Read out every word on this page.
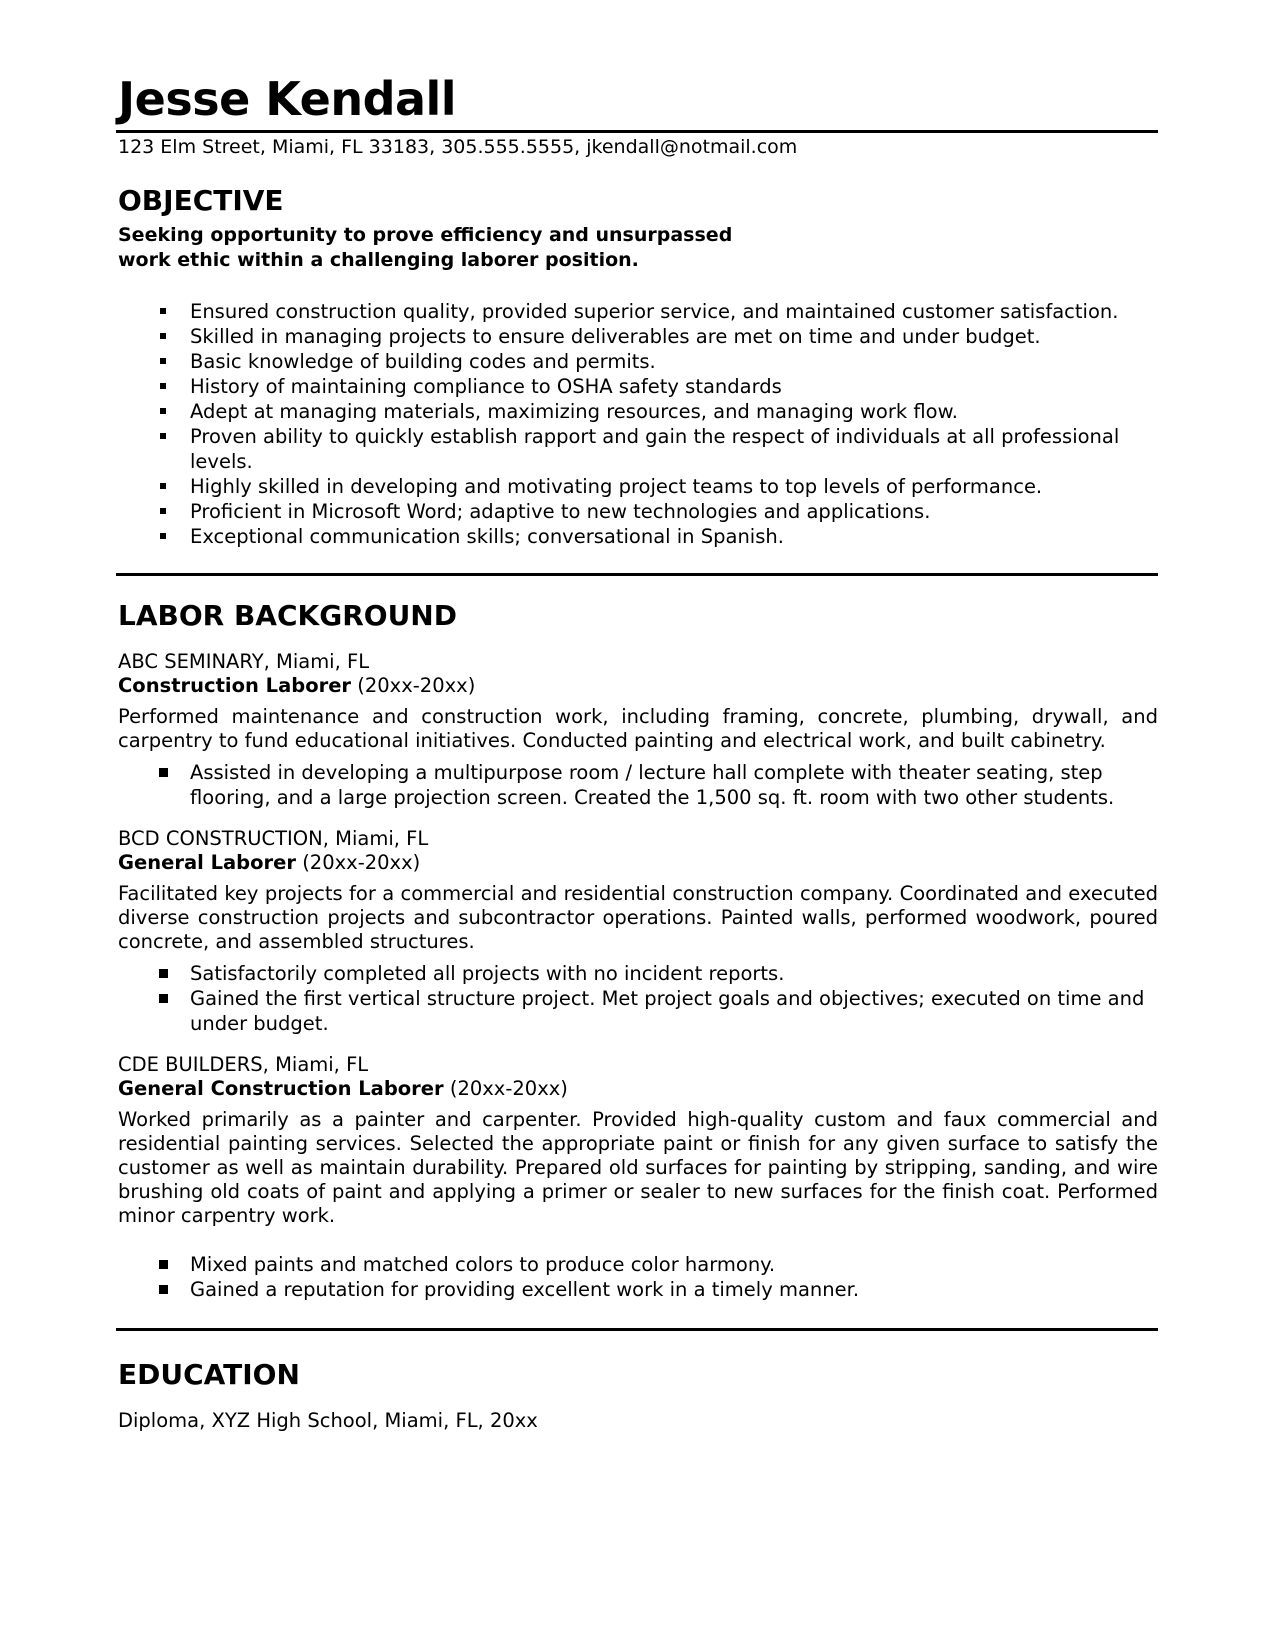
Jesse Kendall

123 Elm Street, Miami, FL 33183, 305.555.5555, jkendall@notmail.com

OBJECTIVE

Seeking opportunity to prove efficiency and unsurpassed
work ethic within a challenging laborer position.

Ensured construction quality, provided superior service, and maintained customer satisfaction.
Skilled in managing projects to ensure deliverables are met on time and under budget.
Basic knowledge of building codes and permits.
History of maintaining compliance to OSHA safety standards
Adept at managing materials, maximizing resources, and managing work flow.
Proven ability to quickly establish rapport and gain the respect of individuals at all professional levels.
Highly skilled in developing and motivating project teams to top levels of performance.
Proficient in Microsoft Word; adaptive to new technologies and applications.
Exceptional communication skills; conversational in Spanish.
LABOR BACKGROUND

ABC SEMINARY, Miami, FL

Construction Laborer (20xx-20xx)

Performed maintenance and construction work, including framing, concrete, plumbing, drywall, and carpentry to fund educational initiatives. Conducted painting and electrical work, and built cabinetry.

Assisted in developing a multipurpose room / lecture hall complete with theater seating, step flooring, and a large projection screen. Created the 1,500 sq. ft. room with two other students.

BCD CONSTRUCTION, Miami, FL

General Laborer (20xx-20xx)

Facilitated key projects for a commercial and residential construction company. Coordinated and executed diverse construction projects and subcontractor operations. Painted walls, performed woodwork, poured concrete, and assembled structures.

Satisfactorily completed all projects with no incident reports.
Gained the first vertical structure project. Met project goals and objectives; executed on time and under budget.

CDE BUILDERS, Miami, FL

General Construction Laborer (20xx-20xx)

Worked primarily as a painter and carpenter. Provided high-quality custom and faux commercial and residential painting services. Selected the appropriate paint or finish for any given surface to satisfy the customer as well as maintain durability. Prepared old surfaces for painting by stripping, sanding, and wire brushing old coats of paint and applying a primer or sealer to new surfaces for the finish coat. Performed minor carpentry work.

Mixed paints and matched colors to produce color harmony.
Gained a reputation for providing excellent work in a timely manner.
EDUCATION

Diploma, XYZ High School, Miami, FL, 20xx
